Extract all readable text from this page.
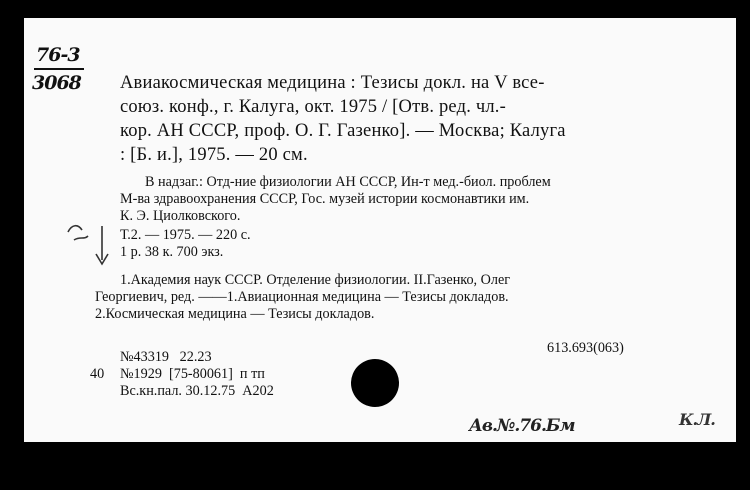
76-3
3068 Авиакосмическая медицина : Тезисы докл. на V все-
союз. конф., г. Калуга, окт. 1975 / [Отв. ред. чл.-
кор. АН СССР, проф. О. Г. Газенко]. — Москва; Калуга
: [Б. и.], 1975. — 20 см.
В надзаг.: Отд-ние физиологии АН СССР, Ин-т мед.-биол. проблем
М-ва здравоохранения СССР, Гос. музей истории космонавтики им.
К. Э. Циолковского.
Т.2. — 1975. — 220 с.
1 р. 38 к. 700 экз.
1.Академия наук СССР. Отделение физиологии. II.Газенко, Олег
Георгиевич, ред. ——1.Авиационная медицина — Тезисы докладов.
2.Космическая медицина — Тезисы докладов.
613.693(063)
№43319   22.23
40 №1929  [75-80061]  п тп
Вс.кн.пал. 30.12.75  А202
Ав.№.76.Бм	К.Л.
